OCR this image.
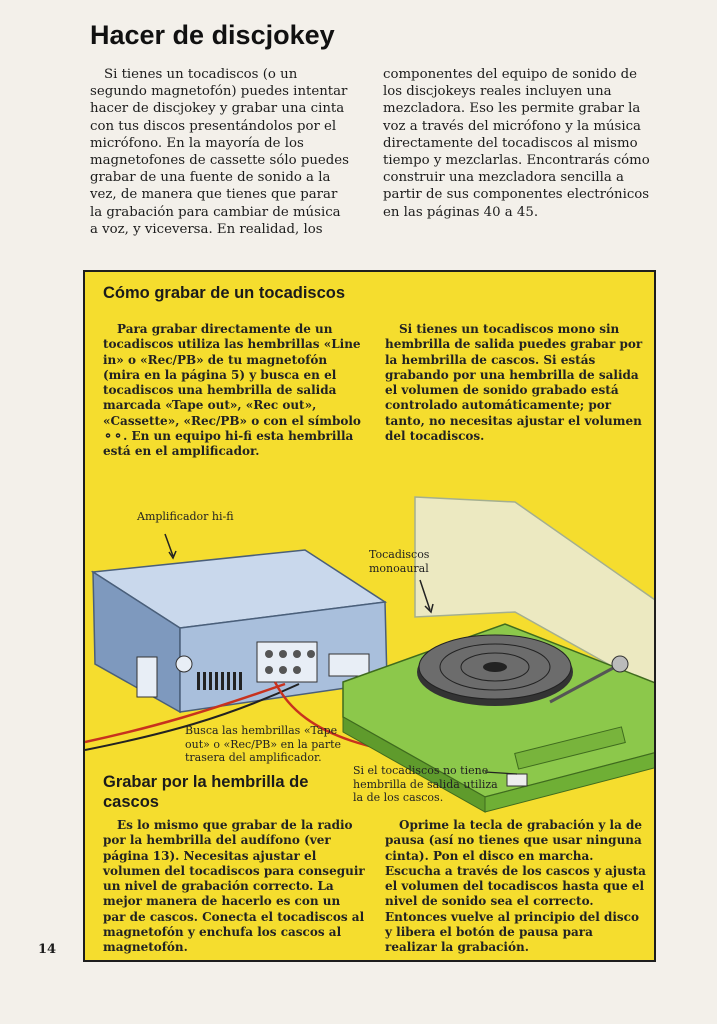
Hacer de discjokey

Si tienes un tocadiscos (o un segundo magnetofón) puedes intentar hacer de discjokey y grabar una cinta con tus discos presentándolos por el micrófono. En la mayoría de los magnetofones de cassette sólo puedes grabar de una fuente de sonido a la vez, de manera que tienes que parar la grabación para cambiar de música a voz, y viceversa. En realidad, los

componentes del equipo de sonido de los discjokeys reales incluyen una mezcladora. Eso les permite grabar la voz a través del micrófono y la música directamente del tocadiscos al mismo tiempo y mezclarlas. Encontrarás cómo construir una mezcladora sencilla a partir de sus componentes electrónicos en las páginas 40 a 45.

Cómo grabar de un tocadiscos

Para grabar directamente de un tocadiscos utiliza las hembrillas «Line in» o «Rec/PB» de tu magnetofón (mira en la página 5) y busca en el tocadiscos una hembrilla de salida marcada «Tape out», «Rec out», «Cassette», «Rec/PB» o con el símbolo ⚬⚬. En un equipo hi-fi esta hembrilla está en el amplificador.

Si tienes un tocadiscos mono sin hembrilla de salida puedes grabar por la hembrilla de cascos. Si estás grabando por una hembrilla de salida el volumen de sonido grabado está controlado automáticamente; por tanto, no necesitas ajustar el volumen del tocadiscos.

Amplificador hi-fi
Tocadiscos monoaural
Busca las hembrillas «Tape out» o «Rec/PB» en la parte trasera del amplificador.
Si el tocadiscos no tiene hembrilla de salida utiliza la de los cascos.
Grabar por la hembrilla de cascos

Es lo mismo que grabar de la radio por la hembrilla del audífono (ver página 13). Necesitas ajustar el volumen del tocadiscos para conseguir un nivel de grabación correcto. La mejor manera de hacerlo es con un par de cascos. Conecta el tocadiscos al magnetofón y enchufa los cascos al magnetofón.

Oprime la tecla de grabación y la de pausa (así no tienes que usar ninguna cinta). Pon el disco en marcha. Escucha a través de los cascos y ajusta el volumen del tocadiscos hasta que el nivel de sonido sea el correcto. Entonces vuelve al principio del disco y libera el botón de pausa para realizar la grabación.

14
